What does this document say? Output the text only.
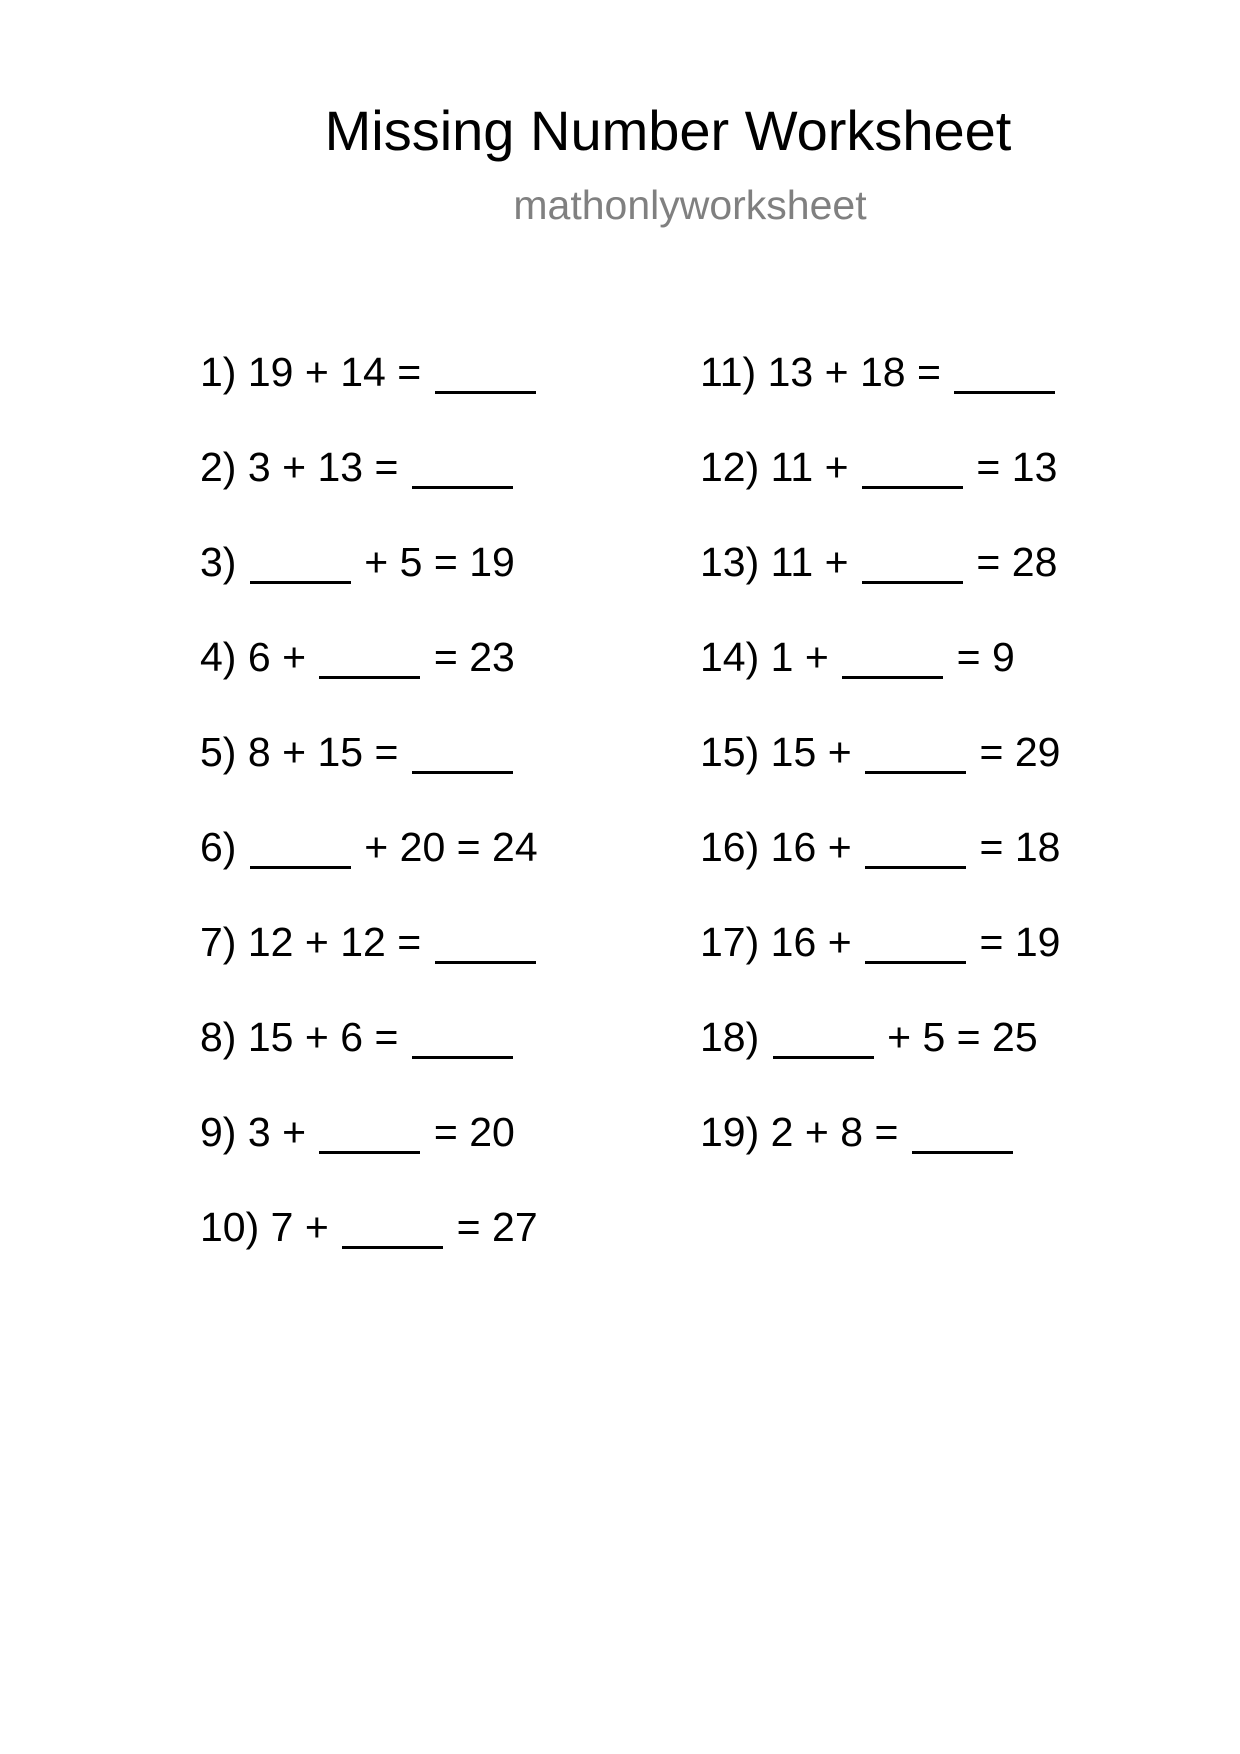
Missing Number Worksheet
mathonlyworksheet
1) 19 + 14 =
2) 3 + 13 =
3)	+ 5 = 19
4) 6 +	= 23
5) 8 + 15 =
6)	+ 20 = 24
7) 12 + 12 =
8) 15 + 6 =
9) 3 +	= 20
10) 7 +	= 27
11) 13 + 18 =
12) 11 +	= 13
13) 11 +	= 28
14) 1 +	= 9
15) 15 +	= 29
16) 16 +	= 18
17) 16 +	= 19
18)	+ 5 = 25
19) 2 + 8 =
